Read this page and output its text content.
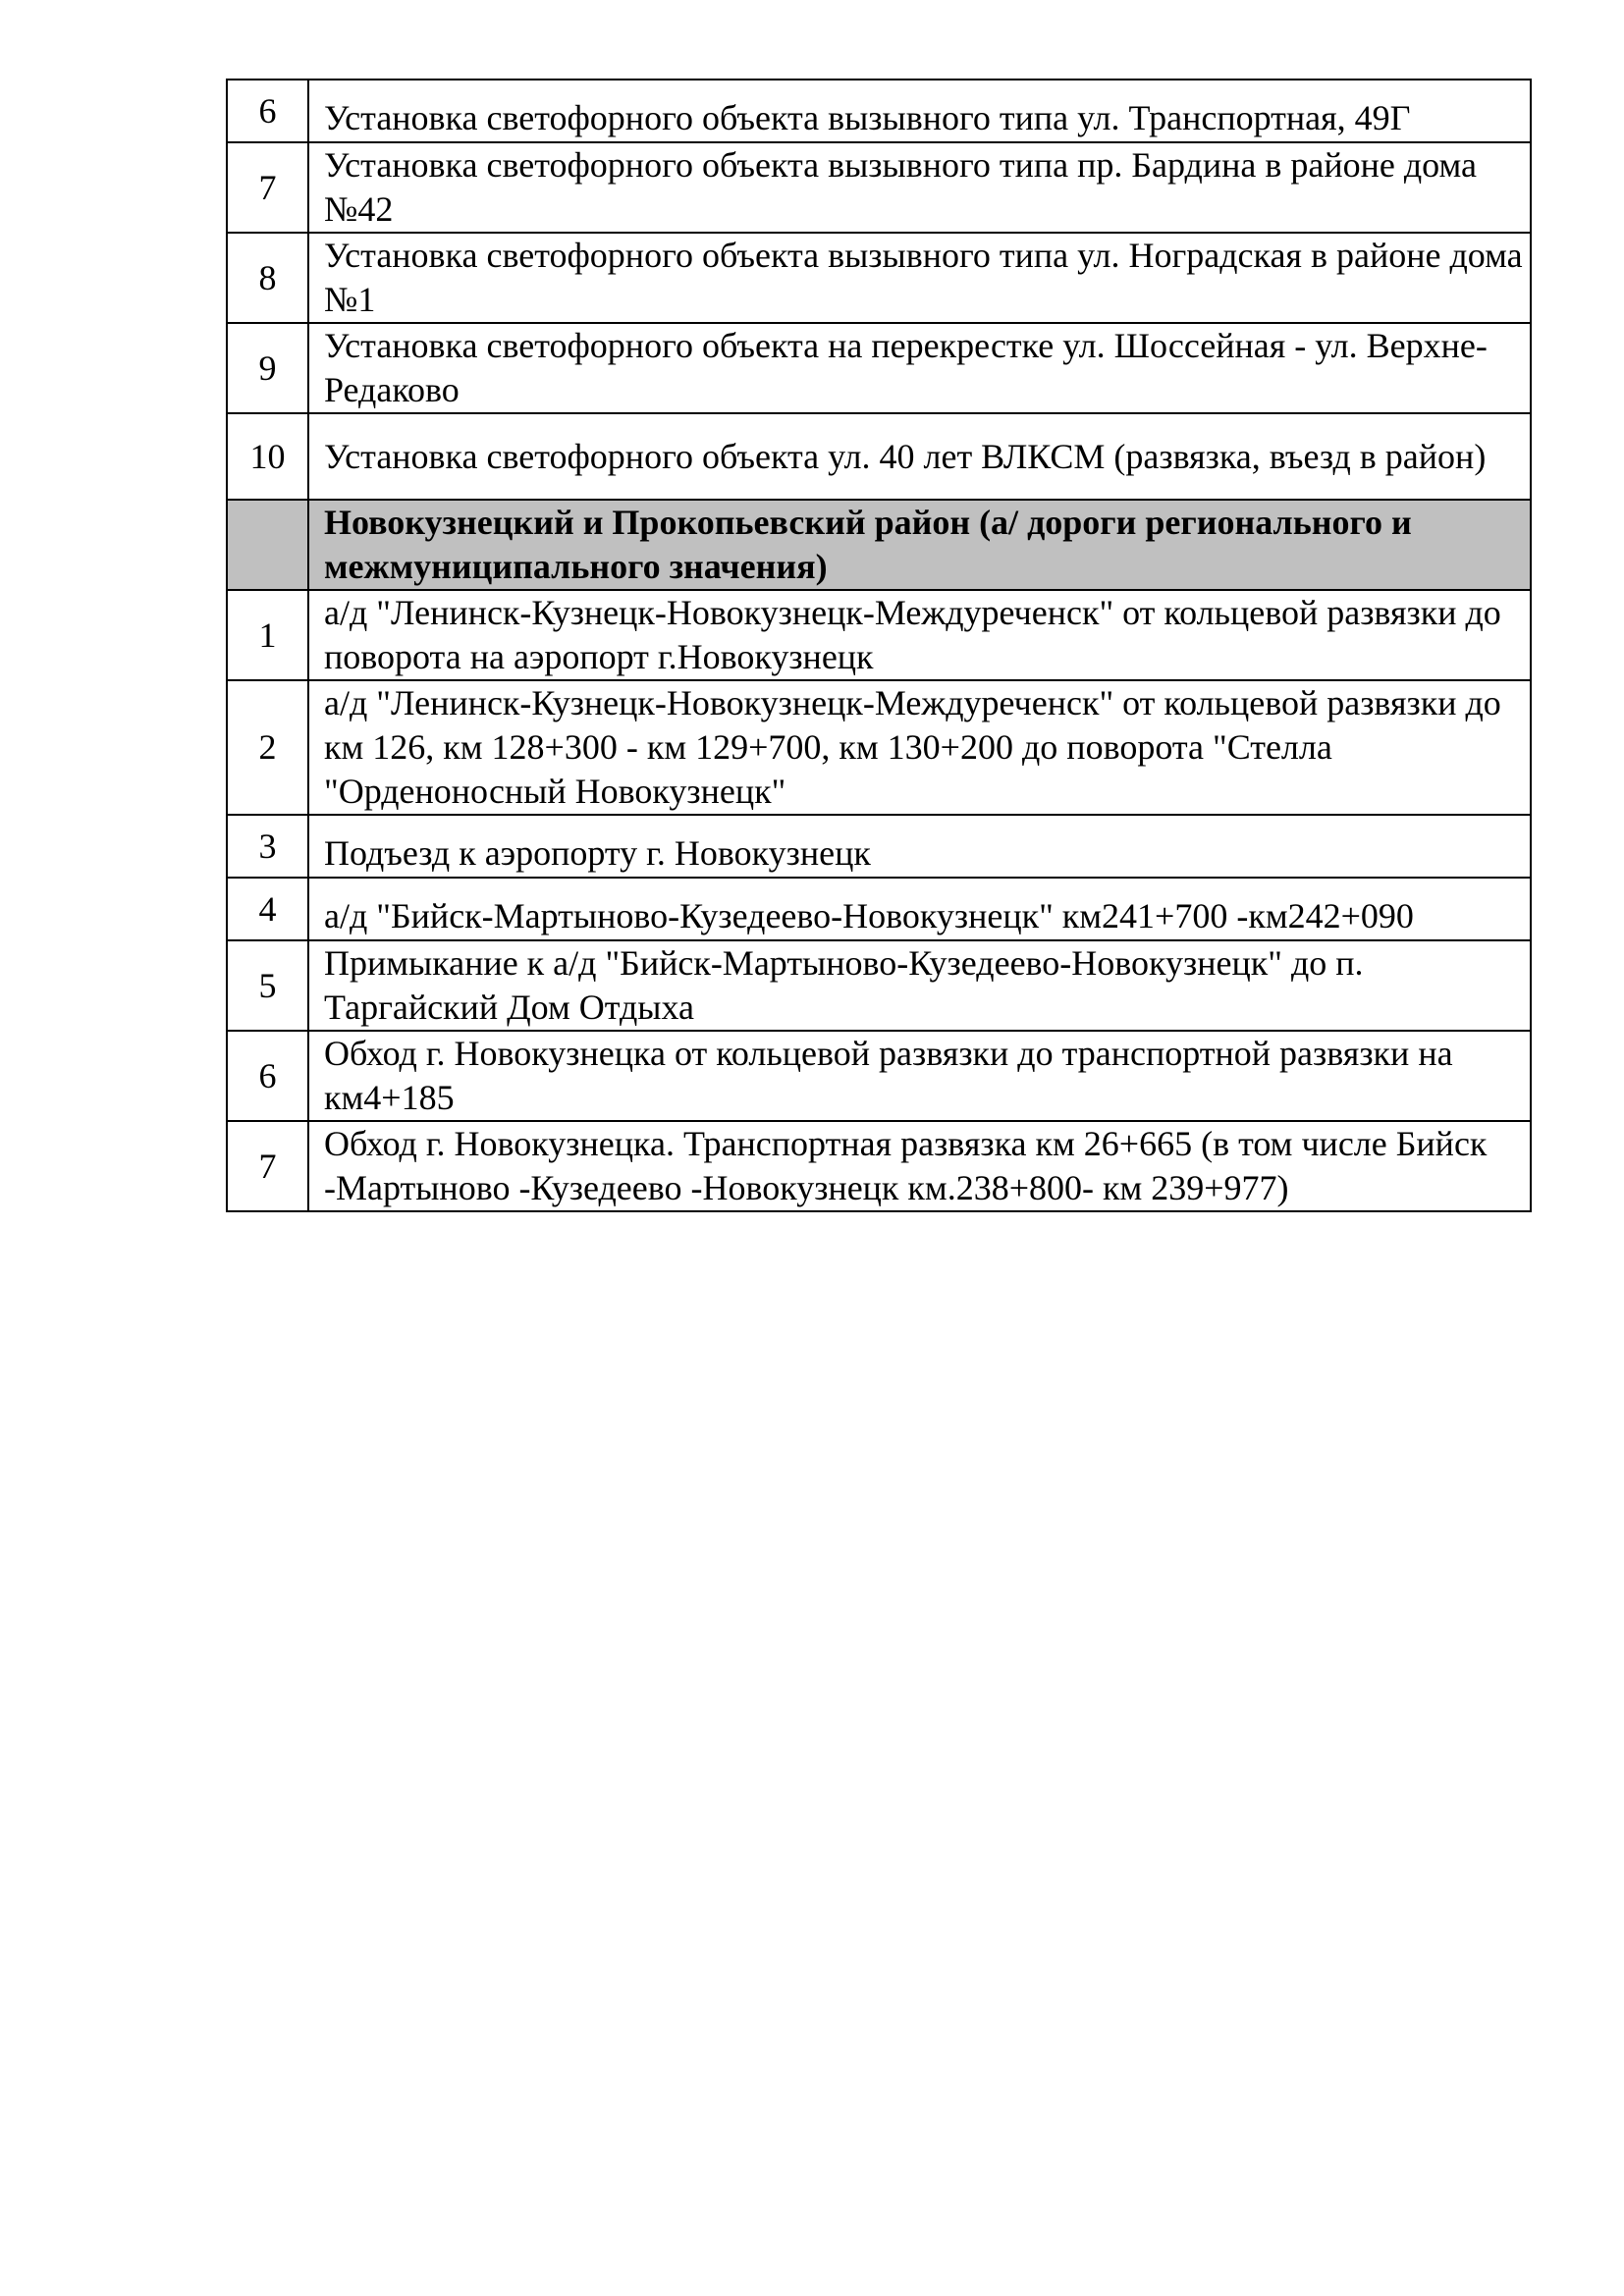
6	Установка светофорного объекта вызывного типа ул. Транспортная, 49Г
7	Установка светофорного объекта вызывного типа пр. Бардина в районе дома №42
8	Установка светофорного объекта вызывного типа ул. Ноградская в районе дома №1
9	Установка светофорного объекта на перекрестке ул. Шоссейная - ул. Верхне-Редаково
10	Установка светофорного объекта ул. 40 лет ВЛКСМ (развязка, въезд в район)
	Новокузнецкий и Прокопьевский район (а/ дороги регионального и межмуниципального значения)
1	а/д "Ленинск-Кузнецк-Новокузнецк-Междуреченск" от кольцевой развязки до поворота на аэропорт г.Новокузнецк
2	а/д "Ленинск-Кузнецк-Новокузнецк-Междуреченск" от кольцевой развязки до км 126, км 128+300 - км 129+700, км 130+200 до поворота "Стелла "Орденоносный Новокузнецк"
3	Подъезд к аэропорту г. Новокузнецк
4	а/д "Бийск-Мартыново-Кузедеево-Новокузнецк" км241+700 -км242+090
5	Примыкание к а/д "Бийск-Мартыново-Кузедеево-Новокузнецк" до п. Таргайский Дом Отдыха
6	Обход г. Новокузнецка от кольцевой развязки до транспортной развязки на км4+185
7	Обход г. Новокузнецка. Транспортная развязка км 26+665 (в том числе Бийск -Мартыново -Кузедеево -Новокузнецк км.238+800- км 239+977)
